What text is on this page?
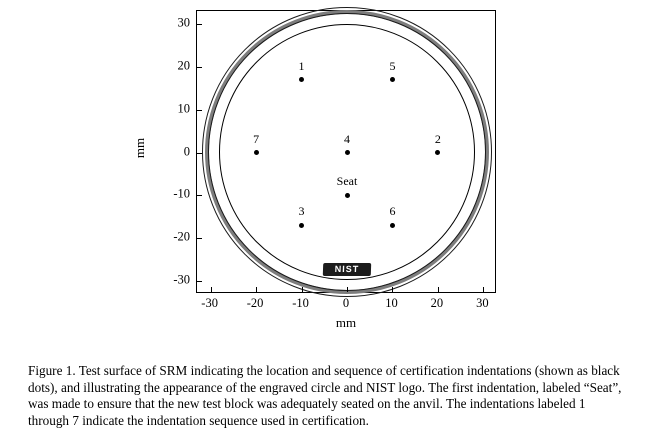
NIST
1	5
7	4	2
Seat
3	6
-30 -20 -10	0	10	20	30
-30
-20
-10
0
10
20
30
mm
mm
Figure 1. Test surface of SRM indicating the location and sequence of certification indentations (shown as black dots), and illustrating the appearance of the engraved circle and NIST logo. The first indentation, labeled “Seat”, was made to ensure that the new test block was adequately seated on the anvil. The indentations labeled 1 through 7 indicate the indentation sequence used in certification.
